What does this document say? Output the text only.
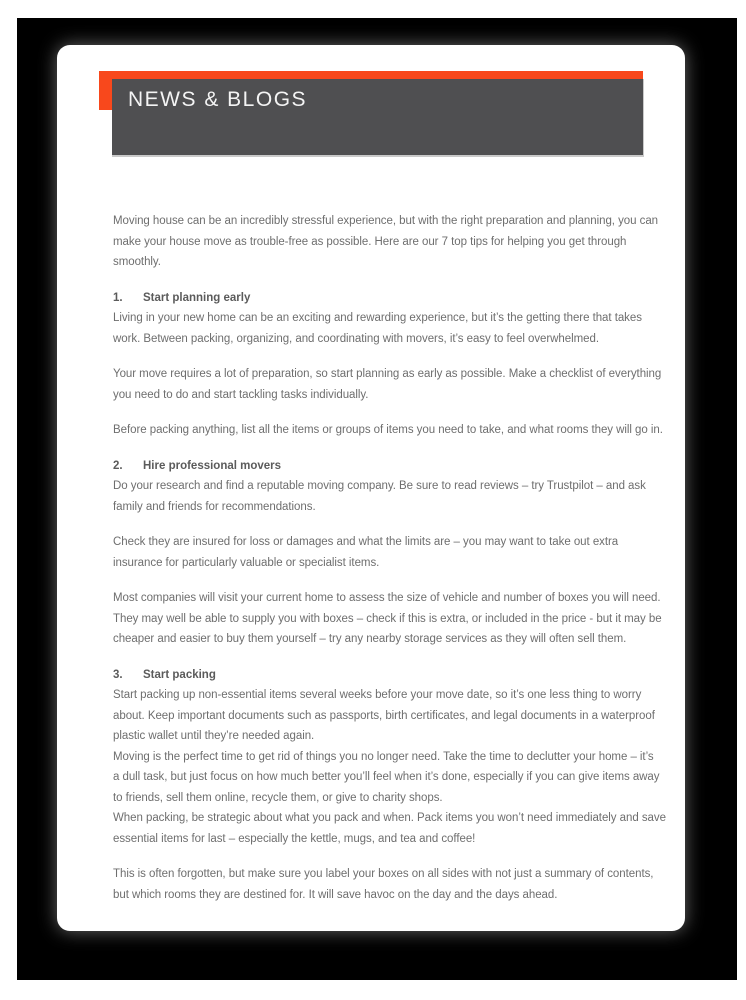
NEWS & BLOGS
Moving house can be an incredibly stressful experience, but with the right preparation and planning, you can
make your house move as trouble-free as possible. Here are our 7 top tips for helping you get through
smoothly.
1. Start planning early
Living in your new home can be an exciting and rewarding experience, but it’s the getting there that takes
work. Between packing, organizing, and coordinating with movers, it’s easy to feel overwhelmed.
Your move requires a lot of preparation, so start planning as early as possible. Make a checklist of everything
you need to do and start tackling tasks individually.
Before packing anything, list all the items or groups of items you need to take, and what rooms they will go in.
2. Hire professional movers
Do your research and find a reputable moving company. Be sure to read reviews – try Trustpilot – and ask
family and friends for recommendations.
Check they are insured for loss or damages and what the limits are – you may want to take out extra
insurance for particularly valuable or specialist items.
Most companies will visit your current home to assess the size of vehicle and number of boxes you will need.
They may well be able to supply you with boxes – check if this is extra, or included in the price - but it may be
cheaper and easier to buy them yourself – try any nearby storage services as they will often sell them.
3. Start packing
Start packing up non-essential items several weeks before your move date, so it’s one less thing to worry
about. Keep important documents such as passports, birth certificates, and legal documents in a waterproof
plastic wallet until they’re needed again.
Moving is the perfect time to get rid of things you no longer need. Take the time to declutter your home – it’s
a dull task, but just focus on how much better you’ll feel when it’s done, especially if you can give items away
to friends, sell them online, recycle them, or give to charity shops.
When packing, be strategic about what you pack and when. Pack items you won’t need immediately and save
essential items for last – especially the kettle, mugs, and tea and coffee!
This is often forgotten, but make sure you label your boxes on all sides with not just a summary of contents,
but which rooms they are destined for. It will save havoc on the day and the days ahead.
